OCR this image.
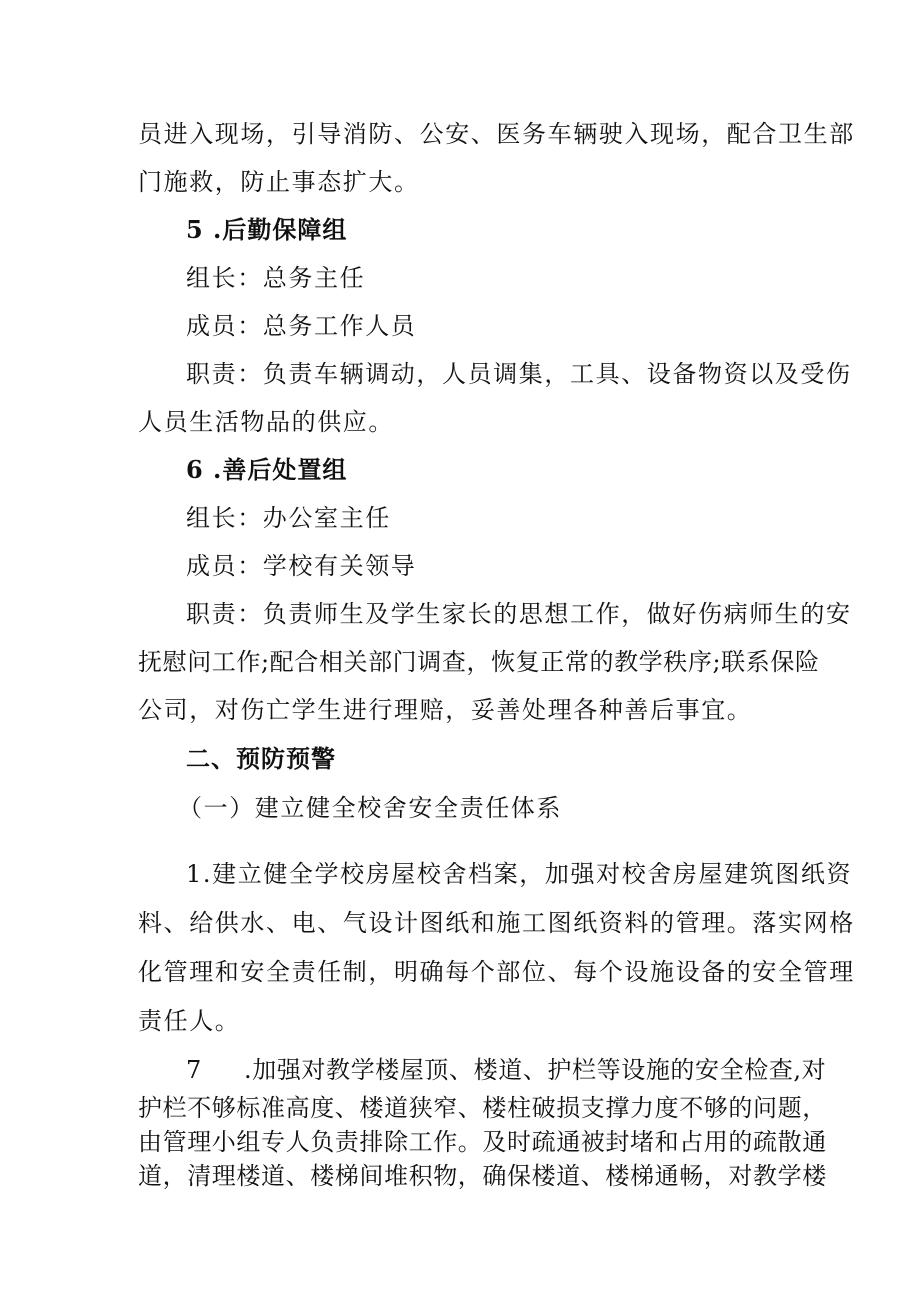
员进入现场，引导消防、公安、医务车辆驶入现场，配合卫生部
门施救，防止事态扩大。
5 .后勤保障组
组长：总务主任
成员：总务工作人员
职责：负责车辆调动，人员调集，工具、设备物资以及受伤
人员生活物品的供应。
6 .善后处置组
组长：办公室主任
成员：学校有关领导
职责：负责师生及学生家长的思想工作，做好伤病师生的安
抚慰问工作;配合相关部门调查，恢复正常的教学秩序;联系保险
公司，对伤亡学生进行理赔，妥善处理各种善后事宜。
二、预防预警
（一）建立健全校舍安全责任体系
1.建立健全学校房屋校舍档案，加强对校舍房屋建筑图纸资
料、给供水、电、气设计图纸和施工图纸资料的管理。落实网格
化管理和安全责任制，明确每个部位、每个设施设备的安全管理
责任人。
7 .加强对教学楼屋顶、楼道、护栏等设施的安全检查,对
护栏不够标准高度、楼道狭窄、楼柱破损支撑力度不够的问题，
由管理小组专人负责排除工作。及时疏通被封堵和占用的疏散通
道，清理楼道、楼梯间堆积物，确保楼道、楼梯通畅，对教学楼
